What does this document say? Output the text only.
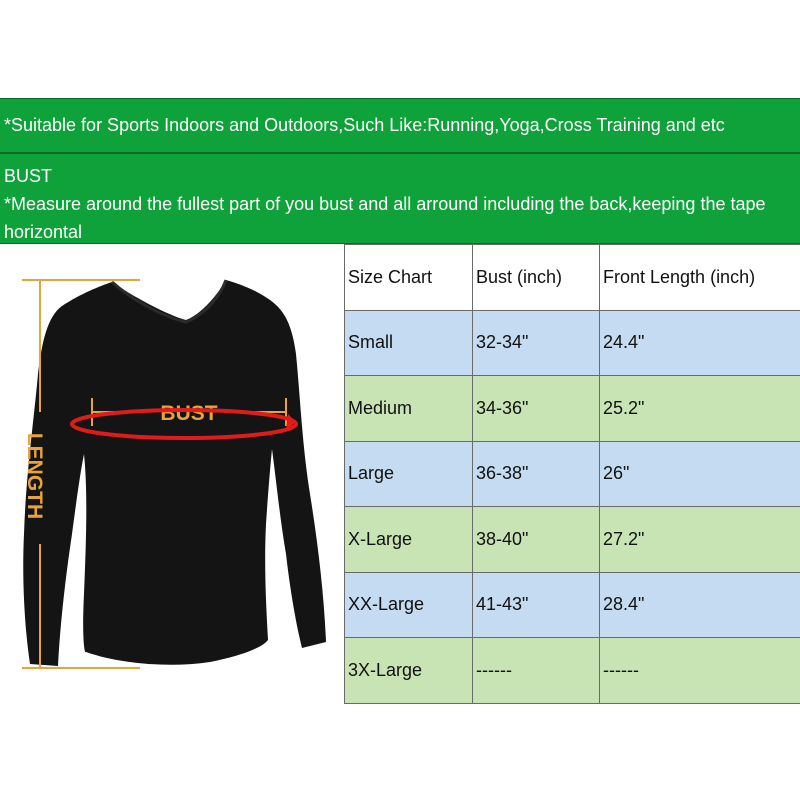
*Suitable for Sports Indoors and Outdoors,Such Like:Running,Yoga,Cross Training and etc
BUST
*Measure around the fullest part of you bust and all arround including the back,keeping the tape horizontal
LENGTH
BUST
Size Chart	Bust (inch)	Front Length (inch)
Small	32-34"	24.4"
Medium	34-36"	25.2"
Large	36-38"	26"
X-Large	38-40"	27.2"
XX-Large	41-43"	28.4"
3X-Large	------	------
